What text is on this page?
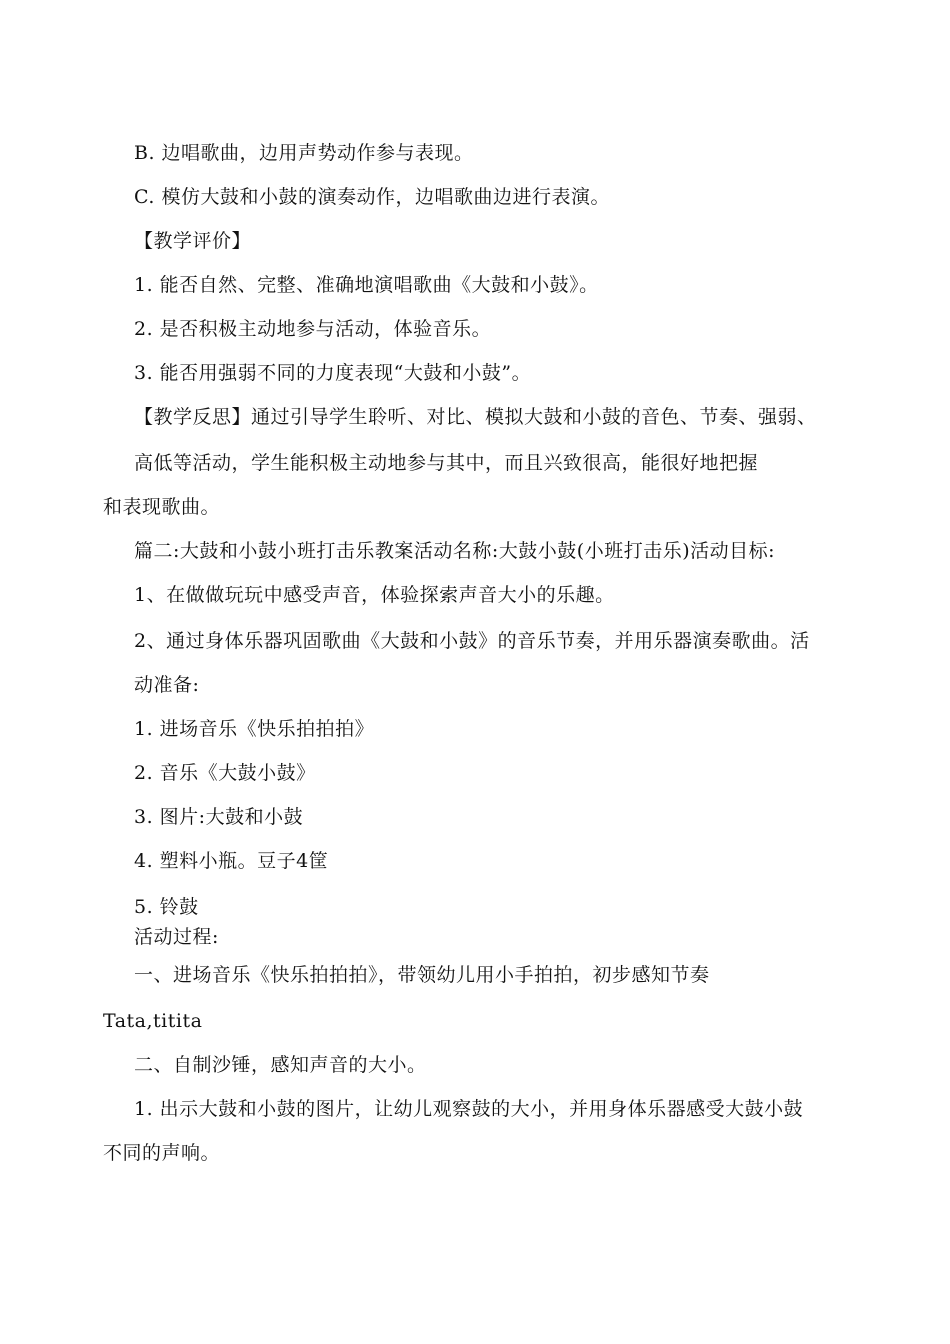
B. 边唱歌曲，边用声势动作参与表现。
C. 模仿大鼓和小鼓的演奏动作，边唱歌曲边进行表演。
【教学评价】
1. 能否自然、完整、准确地演唱歌曲《大鼓和小鼓》。
2. 是否积极主动地参与活动，体验音乐。
3. 能否用强弱不同的力度表现“大鼓和小鼓”。
【教学反思】通过引导学生聆听、对比、模拟大鼓和小鼓的音色、节奏、强弱、
高低等活动，学生能积极主动地参与其中，而且兴致很高，能很好地把握
和表现歌曲。
篇二:大鼓和小鼓小班打击乐教案活动名称:大鼓小鼓(小班打击乐)活动目标:
1、在做做玩玩中感受声音，体验探索声音大小的乐趣。
2、通过身体乐器巩固歌曲《大鼓和小鼓》的音乐节奏，并用乐器演奏歌曲。活
动准备:
1. 进场音乐《快乐拍拍拍》
2. 音乐《大鼓小鼓》
3. 图片:大鼓和小鼓
4. 塑料小瓶。豆子4筐
5. 铃鼓
活动过程:
一、进场音乐《快乐拍拍拍》，带领幼儿用小手拍拍，初步感知节奏
Tata,titita
二、自制沙锤，感知声音的大小。
1. 出示大鼓和小鼓的图片，让幼儿观察鼓的大小，并用身体乐器感受大鼓小鼓
不同的声响。
